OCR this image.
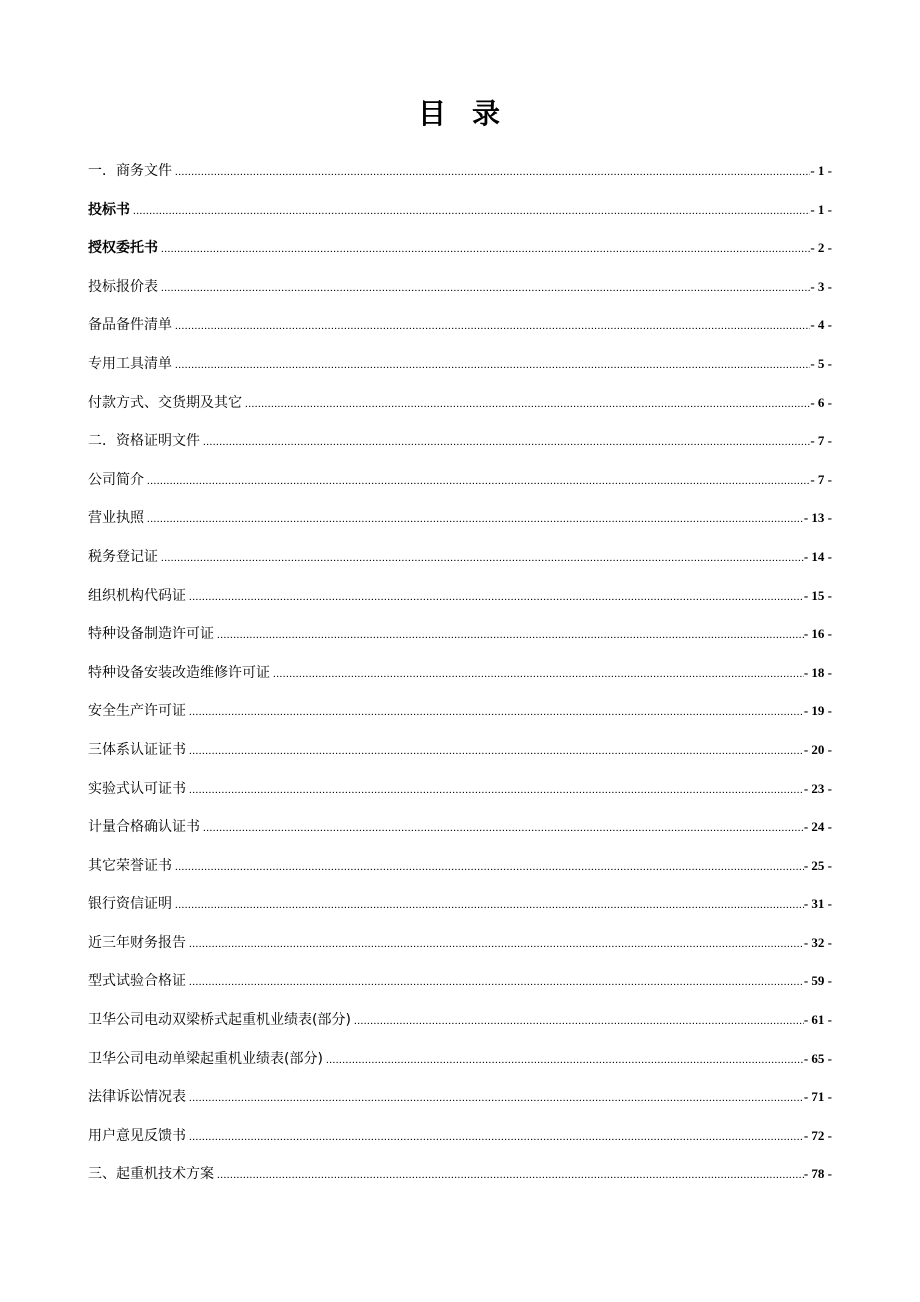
目 录
一．商务文件 .....	- 1 -
投标书 .....	- 1 -
授权委托书 .....	- 2 -
投标报价表 .....	- 3 -
备品备件清单 .....	- 4 -
专用工具清单 .....	- 5 -
付款方式、交货期及其它 .....	- 6 -
二．资格证明文件 .....	- 7 -
公司简介 .....	- 7 -
营业执照 .....	- 13 -
税务登记证 .....	- 14 -
组织机构代码证 .....	- 15 -
特种设备制造许可证 .....	- 16 -
特种设备安装改造维修许可证 .....	- 18 -
安全生产许可证 .....	- 19 -
三体系认证证书 .....	- 20 -
实验式认可证书 .....	- 23 -
计量合格确认证书 .....	- 24 -
其它荣誉证书 .....	- 25 -
银行资信证明 .....	- 31 -
近三年财务报告 .....	- 32 -
型式试验合格证 .....	- 59 -
卫华公司电动双梁桥式起重机业绩表(部分) .....	- 61 -
卫华公司电动单梁起重机业绩表(部分) .....	- 65 -
法律诉讼情况表 .....	- 71 -
用户意见反馈书 .....	- 72 -
三、起重机技术方案 .....	- 78 -
